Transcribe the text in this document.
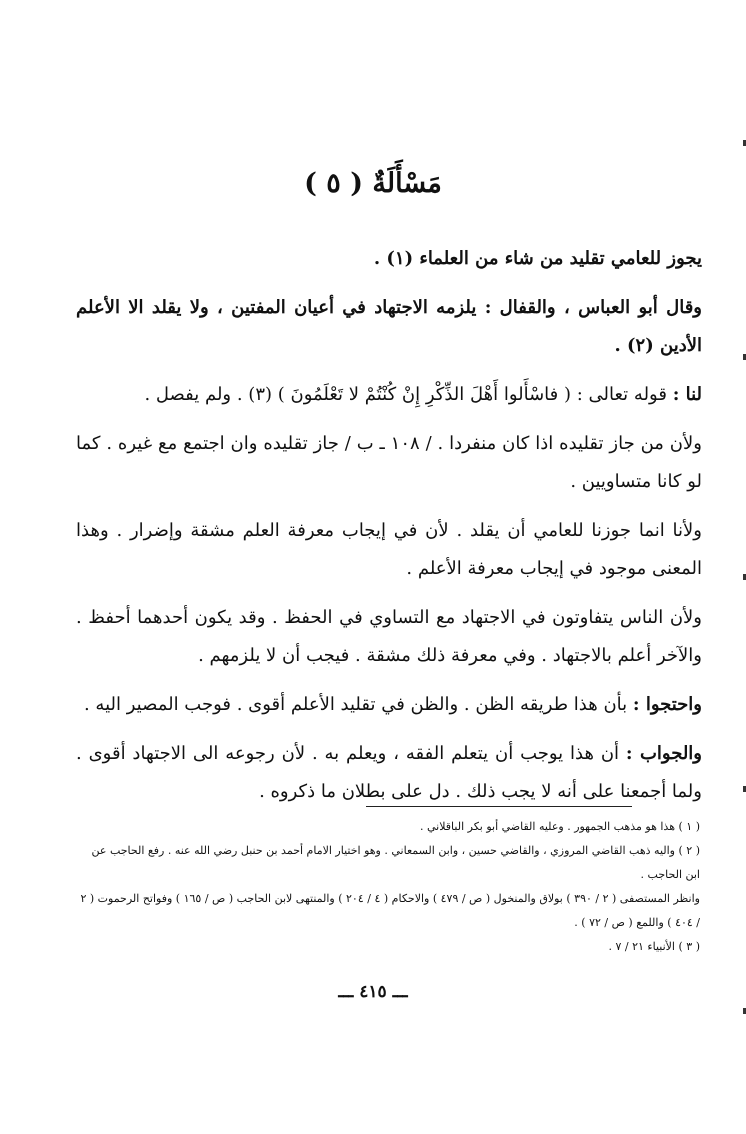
مَسْأَلَةٌ ( ٥ )

يجوز للعامي تقليد من شاء من العلماء (١) .

وقال أبو العباس ، والقفال : يلزمه الاجتهاد في أعيان المفتين ، ولا يقلد الا الأعلم الأدين (٢) .

لنا : قوله تعالى : ( فاسْأَلوا أَهْلَ الذِّكْرِ إِنْ كُنْتُمْ لا تَعْلَمُونَ ) (٣) . ولم يفصل .

ولأن من جاز تقليده اذا كان منفردا . / ١٠٨ ـ ب / جاز تقليده وان اجتمع مع غيره . كما لو كانا متساويين .

ولأنا انما جوزنا للعامي أن يقلد . لأن في إيجاب معرفة العلم مشقة وإضرار . وهذا المعنى موجود في إيجاب معرفة الأعلم .

ولأن الناس يتفاوتون في الاجتهاد مع التساوي في الحفظ . وقد يكون أحدهما أحفظ . والآخر أعلم بالاجتهاد . وفي معرفة ذلك مشقة . فيجب أن لا يلزمهم .

واحتجوا : بأن هذا طريقه الظن . والظن في تقليد الأعلم أقوى . فوجب المصير اليه .

والجواب : أن هذا يوجب أن يتعلم الفقه ، ويعلم به . لأن رجوعه الى الاجتهاد أقوى . ولما أجمعنا على أنه لا يجب ذلك . دل على بطلان ما ذكروه .

( ١ ) هذا هو مذهب الجمهور . وعليه القاضي أبو بكر الباقلاني .
( ٢ ) واليه ذهب القاضي المروزي ، والقاضي حسين ، وابن السمعاني . وهو اختيار الامام أحمد بن حنبل رضي الله عنه . رفع الحاجب عن ابن الحاجب .
وانظر المستصفى ( ٢ / ٣٩٠ ) بولاق والمنخول ( ص / ٤٧٩ ) والاحكام ( ٤ / ٢٠٤ ) والمنتهى لابن الحاجب ( ص / ١٦٥ ) وفواتح الرحموت ( ٢ / ٤٠٤ ) واللمع ( ص / ٧٢ ) .
( ٣ ) الأنبياء ٢١ / ٧ .
ـــ ٤١٥ ـــ
